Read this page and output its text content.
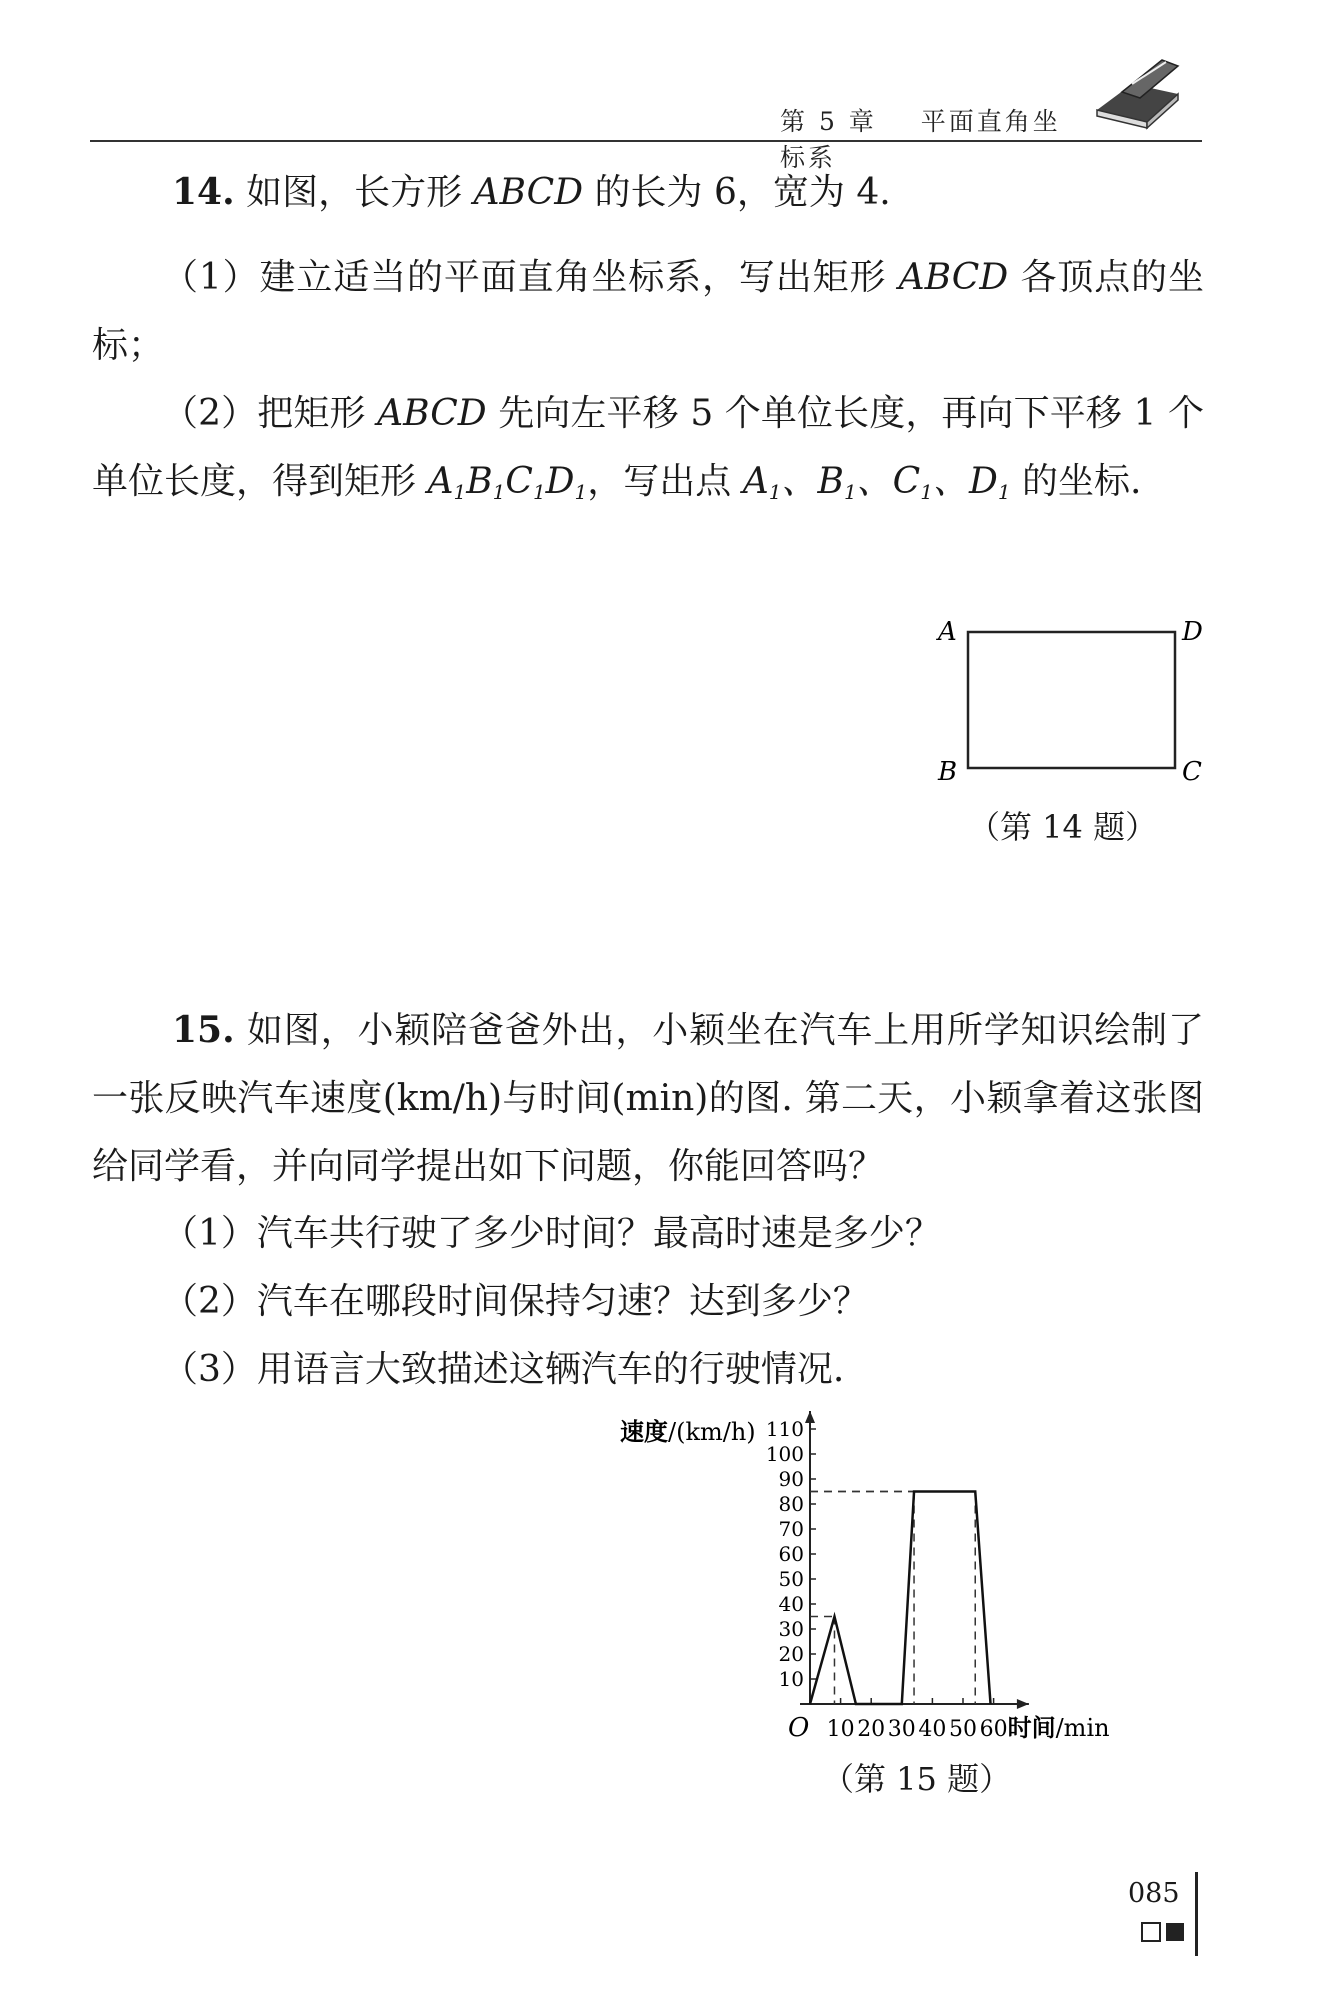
第 5 章 平面直角坐标系

14. 如图，长方形 ABCD 的长为 6，宽为 4.

（1）建立适当的平面直角坐标系，写出矩形 ABCD 各顶点的坐标；

（2）把矩形 ABCD 先向左平移 5 个单位长度，再向下平移 1 个单位长度，得到矩形 $A_1B_1C_1D_1$，写出点 $A_1$、$B_1$、$C_1$、$D_1$ 的坐标.

A	D
B	C
（第 14 题）

15. 如图，小颖陪爸爸外出，小颖坐在汽车上用所学知识绘制了一张反映汽车速度(km/h)与时间(min)的图. 第二天，小颖拿着这张图给同学看，并向同学提出如下问题，你能回答吗？

（1）汽车共行驶了多少时间？最高时速是多少？

（2）汽车在哪段时间保持匀速？达到多少？

（3）用语言大致描述这辆汽车的行驶情况.

速度/(km/h)
时间/min
O 10 20 30 40 50 60
10
20
30
40
50
60
70
80
90
100
110
（第 15 题）
085
